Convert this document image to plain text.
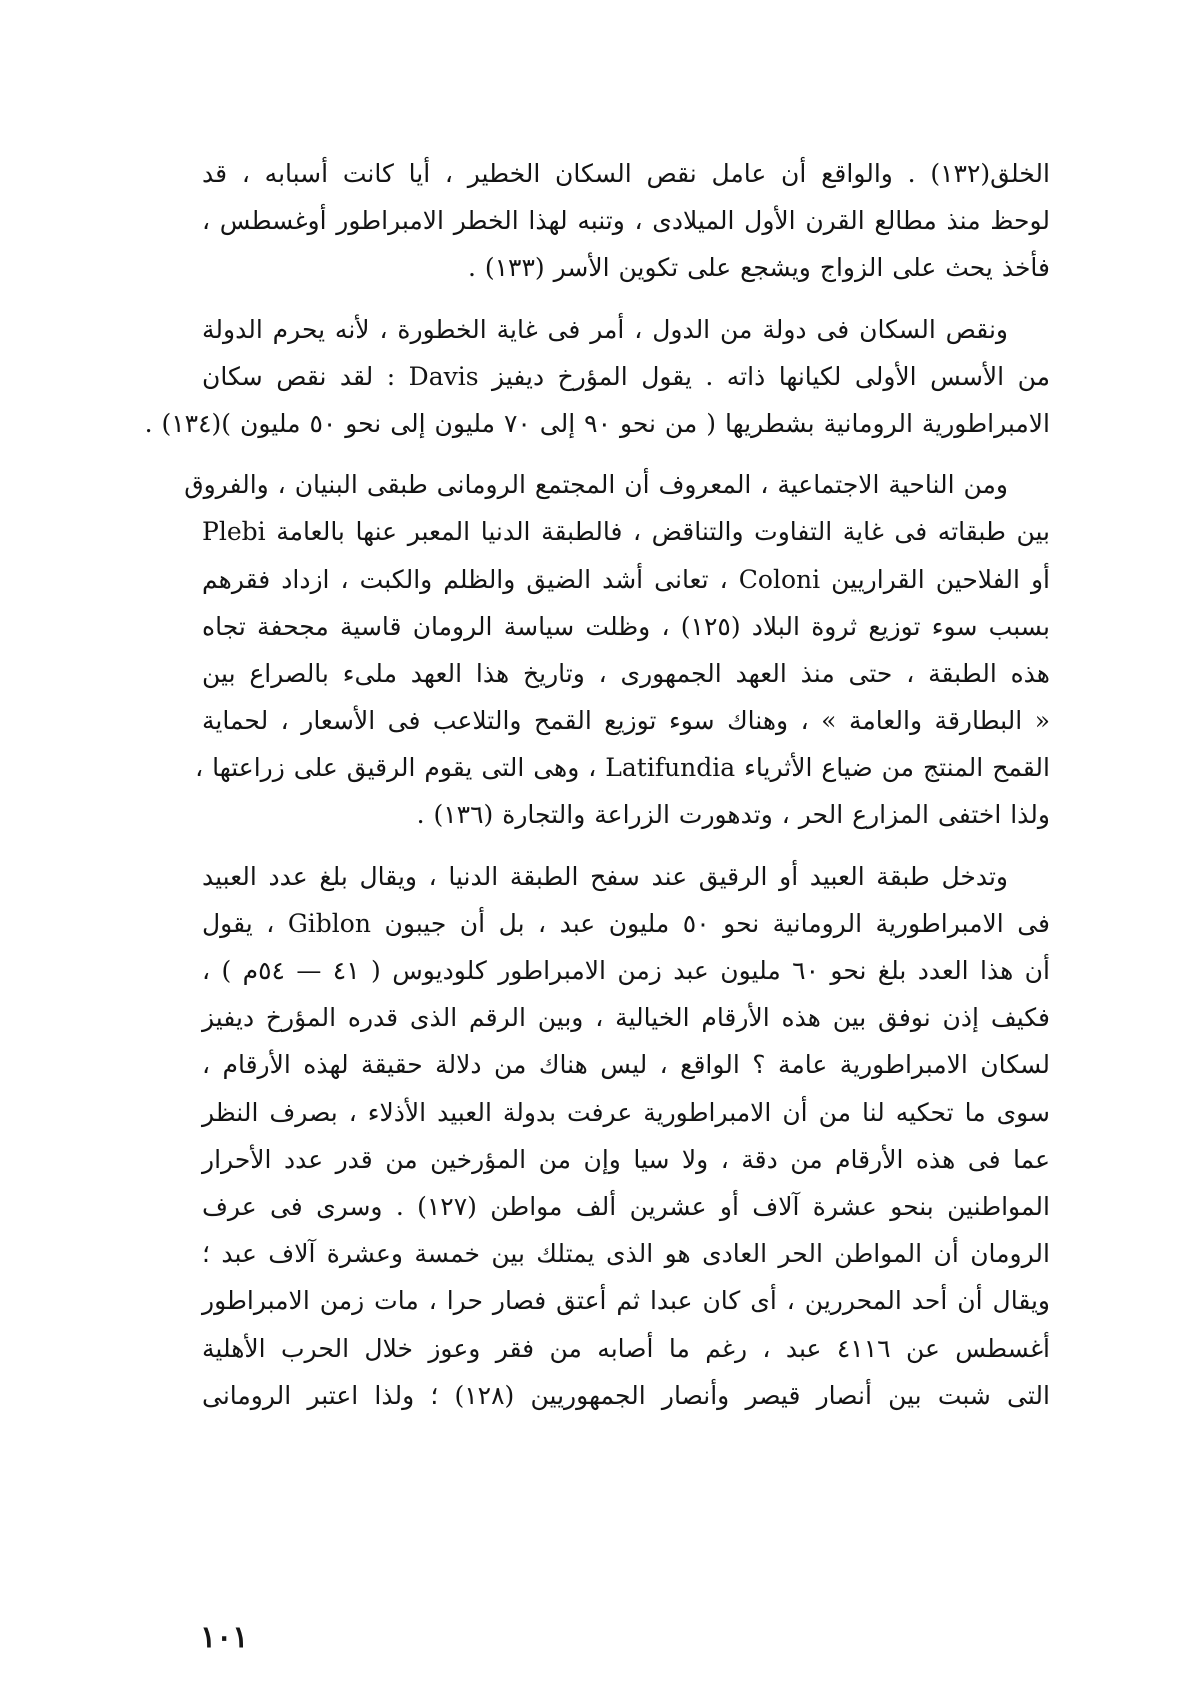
الخلق(١٣٢) . والواقع أن عامل نقص السكان الخطير ، أيا كانت أسبابه ، قد
لوحظ منذ مطالع القرن الأول الميلادى ، وتنبه لهذا الخطر الامبراطور أوغسطس ،
فأخذ يحث على الزواج ويشجع على تكوين الأسر (١٣٣) .
ونقص السكان فى دولة من الدول ، أمر فى غاية الخطورة ، لأنه يحرم الدولة
من الأسس الأولى لكيانها ذاته . يقول المؤرخ ديفيز Davis : لقد نقص سكان
الامبراطورية الرومانية بشطريها ( من نحو ٩٠ إلى ٧٠ مليون إلى نحو ٥٠ مليون )(١٣٤) .
ومن الناحية الاجتماعية ، المعروف أن المجتمع الرومانى طبقى البنيان ، والفروق
بين طبقاته فى غاية التفاوت والتناقض ، فالطبقة الدنيا المعبر عنها بالعامة Plebi
أو الفلاحين القراريين Coloni ، تعانى أشد الضيق والظلم والكبت ، ازداد فقرهم
بسبب سوء توزيع ثروة البلاد (١٢٥) ، وظلت سياسة الرومان قاسية مجحفة تجاه
هذه الطبقة ، حتى منذ العهد الجمهورى ، وتاريخ هذا العهد ملىء بالصراع بين
« البطارقة والعامة » ، وهناك سوء توزيع القمح والتلاعب فى الأسعار ، لحماية
القمح المنتج من ضياع الأثرياء Latifundia ، وهى التى يقوم الرقيق على زراعتها ،
ولذا اختفى المزارع الحر ، وتدهورت الزراعة والتجارة (١٣٦) .
وتدخل طبقة العبيد أو الرقيق عند سفح الطبقة الدنيا ، ويقال بلغ عدد العبيد
فى الامبراطورية الرومانية نحو ٥٠ مليون عبد ، بل أن جيبون Giblon ، يقول
أن هذا العدد بلغ نحو ٦٠ مليون عبد زمن الامبراطور كلوديوس ( ٤١ — ٥٤م ) ،
فكيف إذن نوفق بين هذه الأرقام الخيالية ، وبين الرقم الذى قدره المؤرخ ديفيز
لسكان الامبراطورية عامة ؟ الواقع ، ليس هناك من دلالة حقيقة لهذه الأرقام ،
سوى ما تحكيه لنا من أن الامبراطورية عرفت بدولة العبيد الأذلاء ، بصرف النظر
عما فى هذه الأرقام من دقة ، ولا سيا وإن من المؤرخين من قدر عدد الأحرار
المواطنين بنحو عشرة آلاف أو عشرين ألف مواطن (١٢٧) . وسرى فى عرف
الرومان أن المواطن الحر العادى هو الذى يمتلك بين خمسة وعشرة آلاف عبد ؛
ويقال أن أحد المحررين ، أى كان عبدا ثم أعتق فصار حرا ، مات زمن الامبراطور
أغسطس عن ٤١١٦ عبد ، رغم ما أصابه من فقر وعوز خلال الحرب الأهلية
التى شبت بين أنصار قيصر وأنصار الجمهوريين (١٢٨) ؛ ولذا اعتبر الرومانى
١٠١
